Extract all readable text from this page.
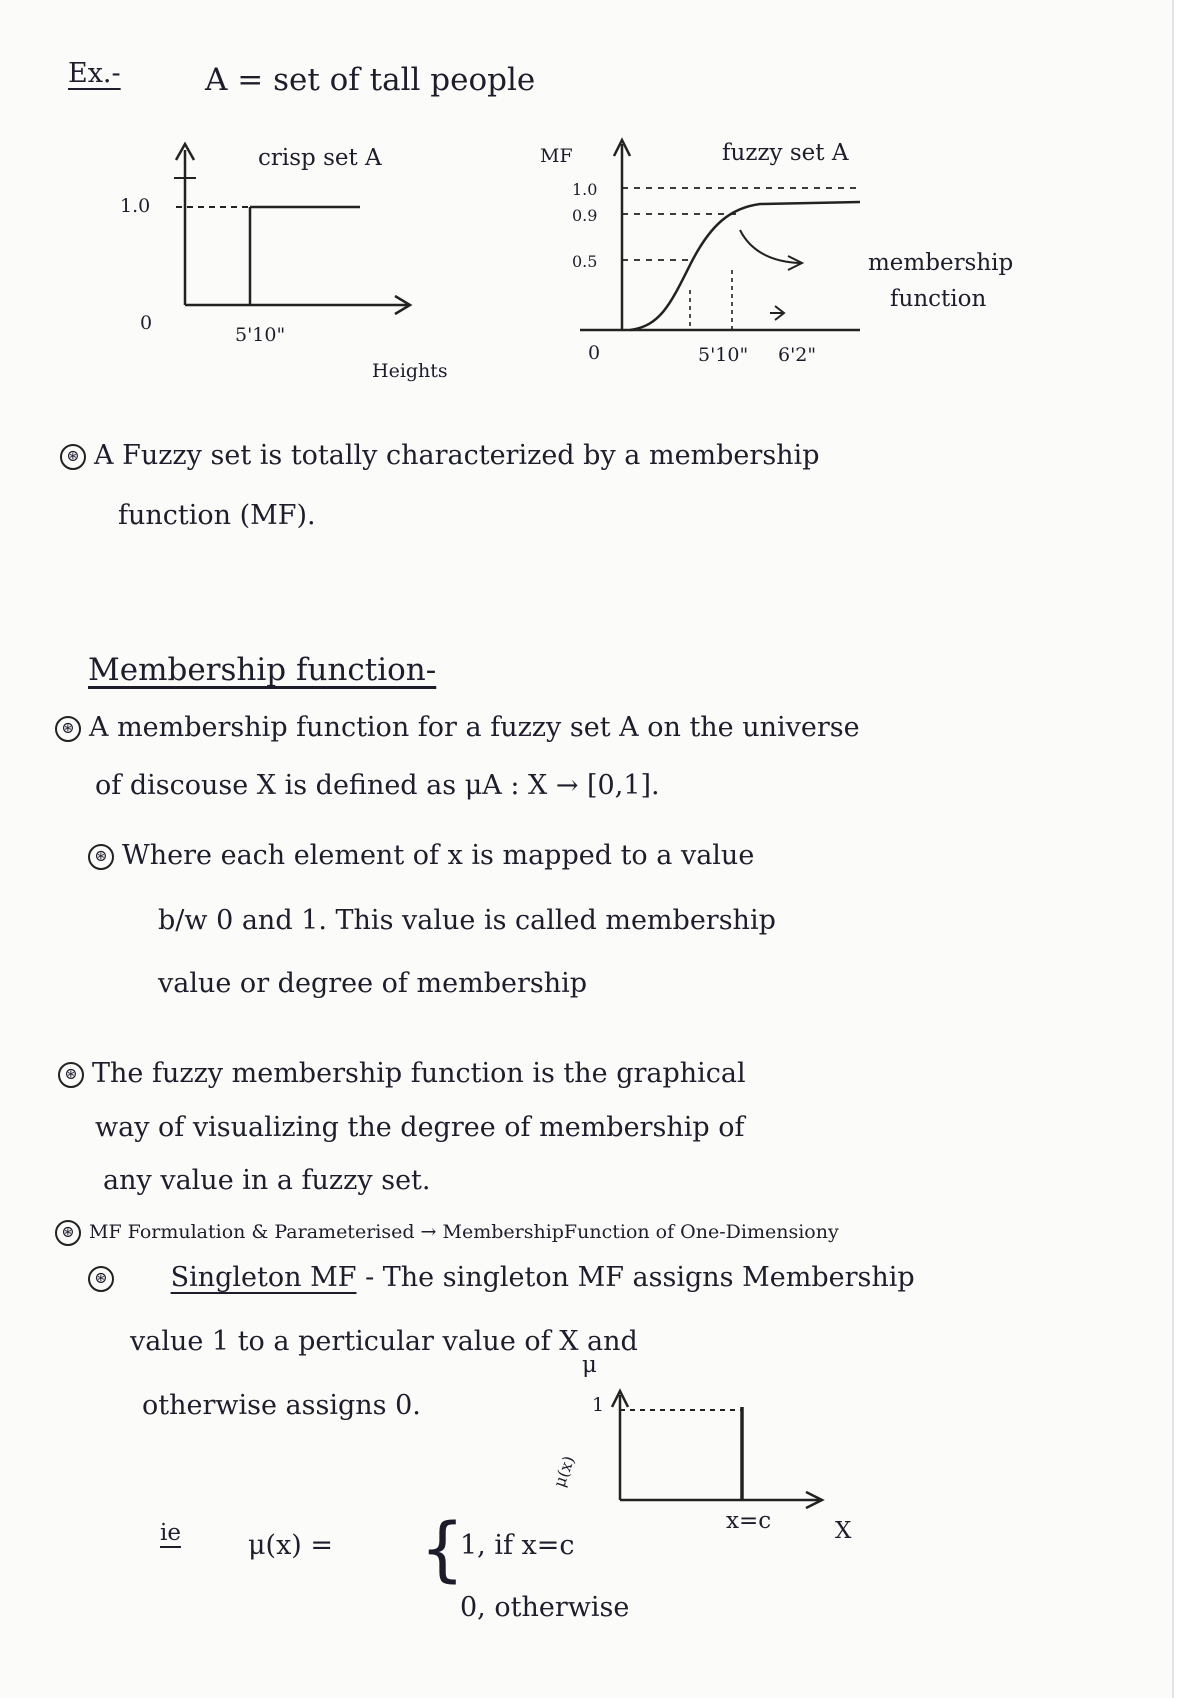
Ex.-	A = set of tall people
crisp set A
1.0
0
5'10"
Heights
MF	fuzzy set A
1.0
0.9
0.5
0	5'10" 6'2"
membership
function
⊛ A Fuzzy set is totally characterized by a membership
function (MF).
Membership function-
⊛ A membership function for a fuzzy set A on the universe
of discouse X is defined as μA : X → [0,1].
⊛ Where each element of x is mapped to a value
b/w 0 and 1. This value is called membership
value or degree of membership
⊛ The fuzzy membership function is the graphical
way of visualizing the degree of membership of
any value in a fuzzy set.
⊛ MF Formulation & Parameterised → MembershipFunction of One-Dimensiony
⊛ Singleton MF - The singleton MF assigns Membership
value 1 to a perticular value of X and
otherwise assigns 0.
μ
1
μ(x)
x=c	X
ie μ(x) = {
1, if x=c
0, otherwise
